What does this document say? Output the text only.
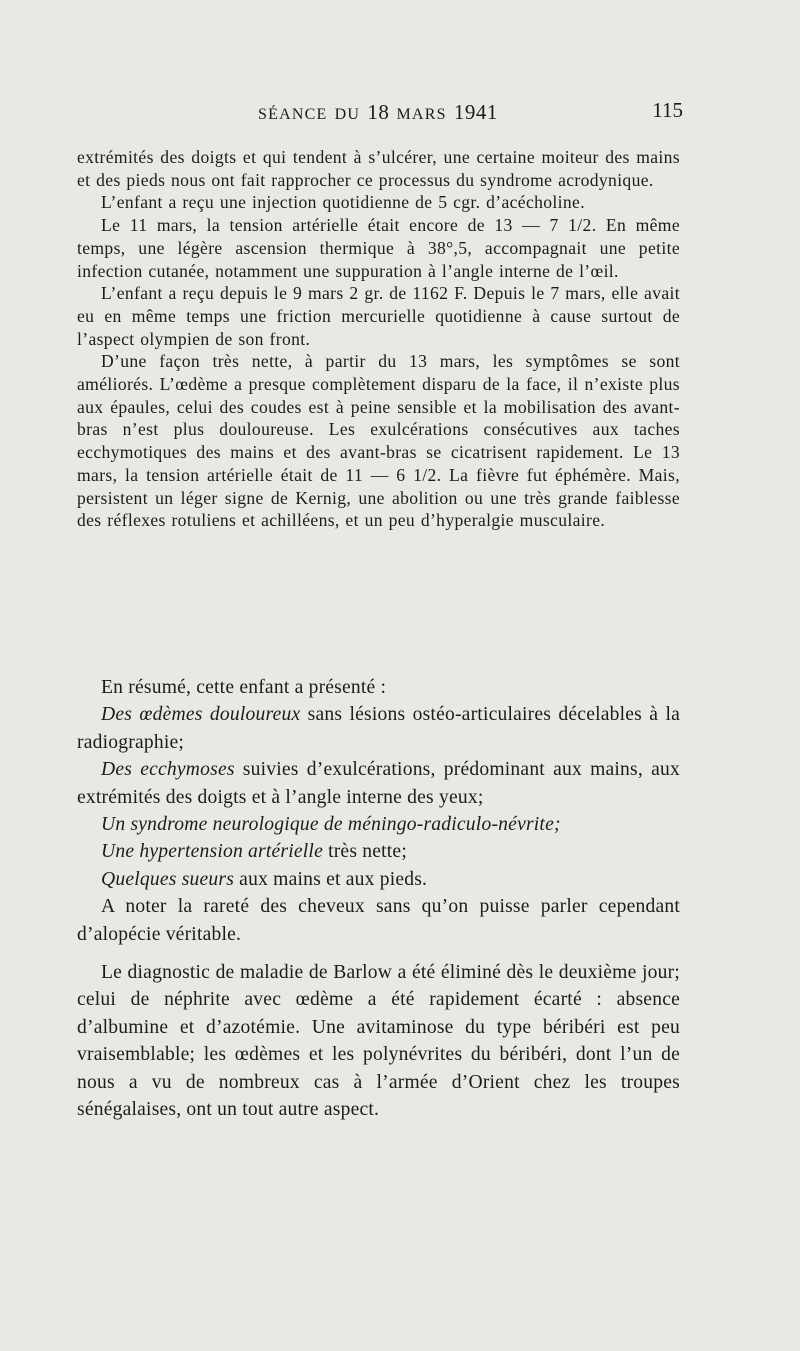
SÉANCE DU 18 MARS 1941	115

extrémités des doigts et qui tendent à s’ulcérer, une certaine moiteur des mains et des pieds nous ont fait rapprocher ce processus du syndrome acrodynique.

L’enfant a reçu une injection quotidienne de 5 cgr. d’acécholine.

Le 11 mars, la tension artérielle était encore de 13 — 7 1/2. En même temps, une légère ascension thermique à 38°,5, accompagnait une petite infection cutanée, notamment une suppuration à l’angle interne de l’œil.

L’enfant a reçu depuis le 9 mars 2 gr. de 1162 F. Depuis le 7 mars, elle avait eu en même temps une friction mercurielle quotidienne à cause surtout de l’aspect olympien de son front.

D’une façon très nette, à partir du 13 mars, les symptômes se sont améliorés. L’œdème a presque complètement disparu de la face, il n’existe plus aux épaules, celui des coudes est à peine sensible et la mobilisation des avant-bras n’est plus douloureuse. Les exulcérations consécutives aux taches ecchymotiques des mains et des avant-bras se cicatrisent rapidement. Le 13 mars, la tension artérielle était de 11 — 6 1/2. La fièvre fut éphémère. Mais, persistent un léger signe de Kernig, une abolition ou une très grande faiblesse des réflexes rotuliens et achilléens, et un peu d’hyperalgie musculaire.

En résumé, cette enfant a présenté :

Des œdèmes douloureux sans lésions ostéo-articulaires décelables à la radiographie;

Des ecchymoses suivies d’exulcérations, prédominant aux mains, aux extrémités des doigts et à l’angle interne des yeux;

Un syndrome neurologique de méningo-radiculo-névrite;

Une hypertension artérielle très nette;

Quelques sueurs aux mains et aux pieds.

A noter la rareté des cheveux sans qu’on puisse parler cependant d’alopécie véritable.

Le diagnostic de maladie de Barlow a été éliminé dès le deuxième jour; celui de néphrite avec œdème a été rapidement écarté : absence d’albumine et d’azotémie. Une avitaminose du type béribéri est peu vraisemblable; les œdèmes et les polynévrites du béribéri, dont l’un de nous a vu de nombreux cas à l’armée d’Orient chez les troupes sénégalaises, ont un tout autre aspect.
